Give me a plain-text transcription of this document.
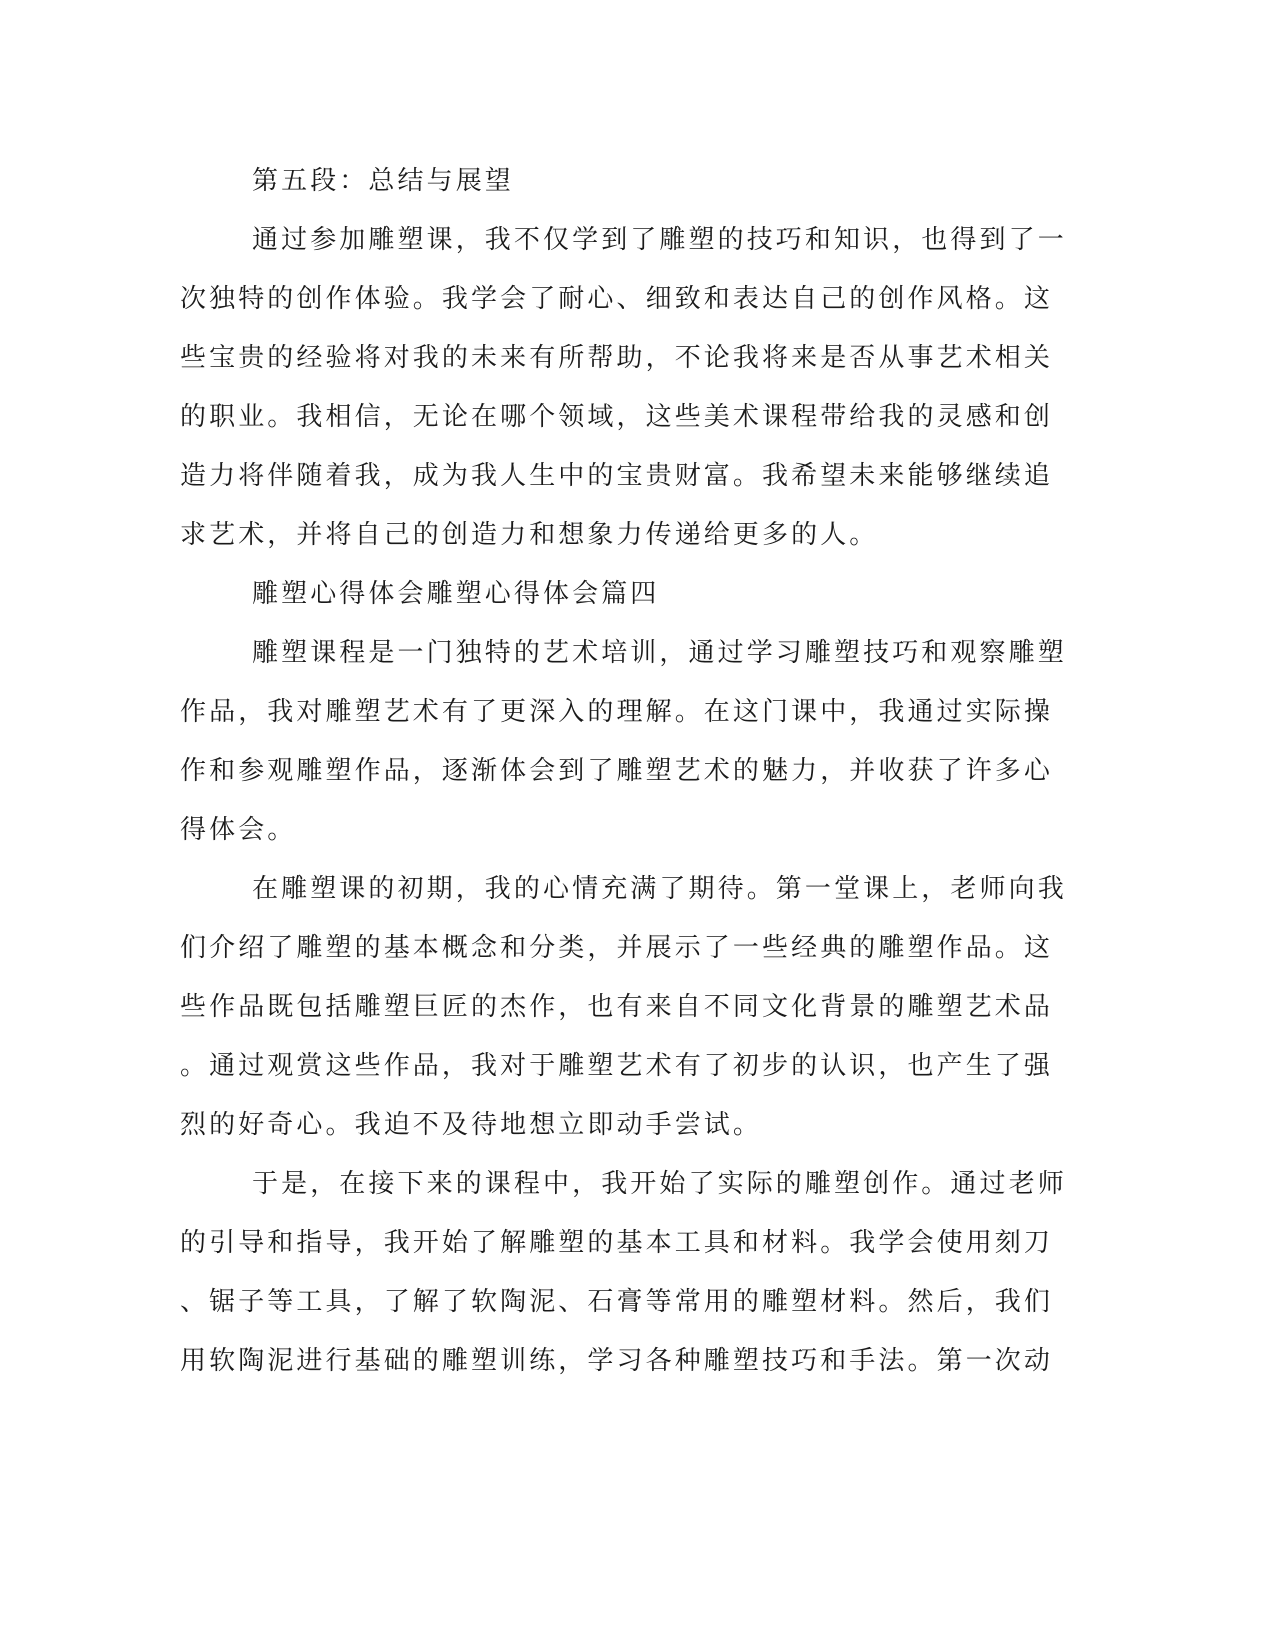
第五段：总结与展望
通过参加雕塑课，我不仅学到了雕塑的技巧和知识，也得到了一
次独特的创作体验。我学会了耐心、细致和表达自己的创作风格。这
些宝贵的经验将对我的未来有所帮助，不论我将来是否从事艺术相关
的职业。我相信，无论在哪个领域，这些美术课程带给我的灵感和创
造力将伴随着我，成为我人生中的宝贵财富。我希望未来能够继续追
求艺术，并将自己的创造力和想象力传递给更多的人。
雕塑心得体会雕塑心得体会篇四
雕塑课程是一门独特的艺术培训，通过学习雕塑技巧和观察雕塑
作品，我对雕塑艺术有了更深入的理解。在这门课中，我通过实际操
作和参观雕塑作品，逐渐体会到了雕塑艺术的魅力，并收获了许多心
得体会。
在雕塑课的初期，我的心情充满了期待。第一堂课上，老师向我
们介绍了雕塑的基本概念和分类，并展示了一些经典的雕塑作品。这
些作品既包括雕塑巨匠的杰作，也有来自不同文化背景的雕塑艺术品
。通过观赏这些作品，我对于雕塑艺术有了初步的认识，也产生了强
烈的好奇心。我迫不及待地想立即动手尝试。
于是，在接下来的课程中，我开始了实际的雕塑创作。通过老师
的引导和指导，我开始了解雕塑的基本工具和材料。我学会使用刻刀
、锯子等工具，了解了软陶泥、石膏等常用的雕塑材料。然后，我们
用软陶泥进行基础的雕塑训练，学习各种雕塑技巧和手法。第一次动
